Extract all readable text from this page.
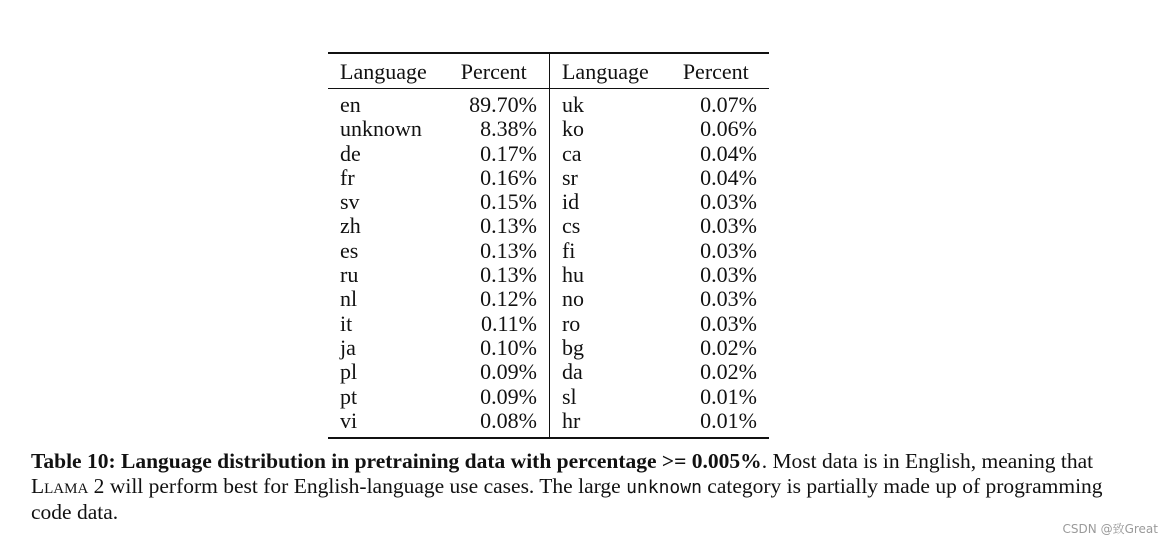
Language	Percent	Language	Percent
en	89.70%	uk	0.07%
unknown	8.38%	ko	0.06%
de	0.17%	ca	0.04%
fr	0.16%	sr	0.04%
sv	0.15%	id	0.03%
zh	0.13%	cs	0.03%
es	0.13%	fi	0.03%
ru	0.13%	hu	0.03%
nl	0.12%	no	0.03%
it	0.11%	ro	0.03%
ja	0.10%	bg	0.02%
pl	0.09%	da	0.02%
pt	0.09%	sl	0.01%
vi	0.08%	hr	0.01%
Table 10: Language distribution in pretraining data with percentage >= 0.005%. Most data is in English, meaning that Llama 2 will perform best for English-language use cases. The large unknown category is partially made up of programming code data.
CSDN @致Great
